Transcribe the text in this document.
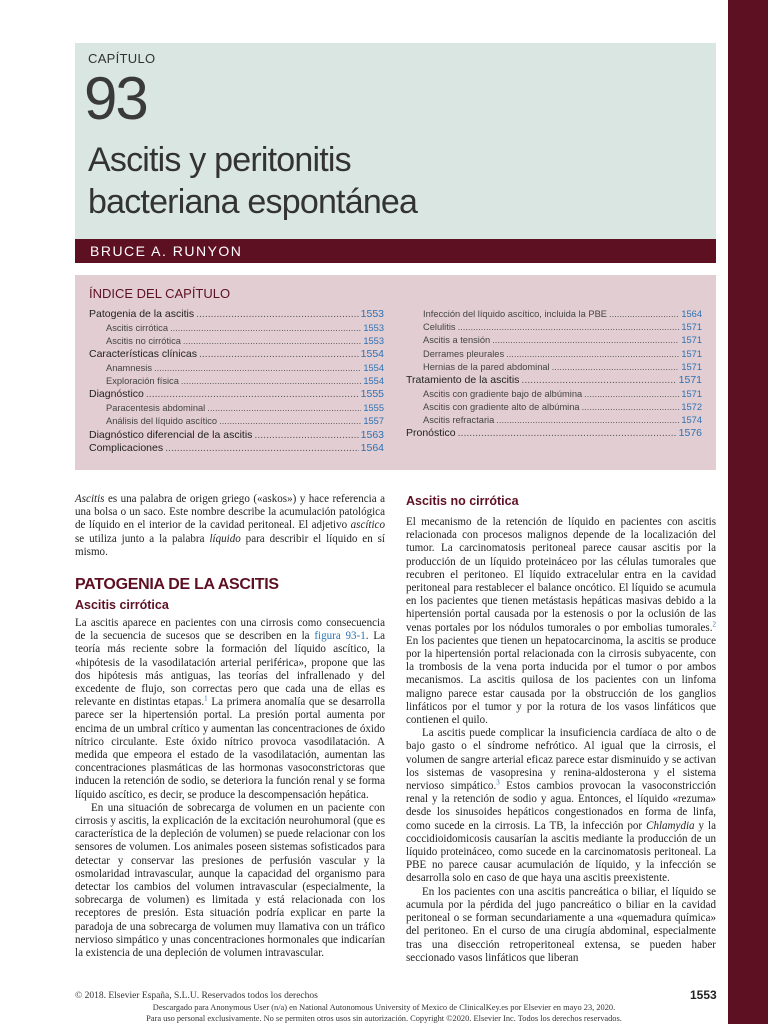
CAPÍTULO
93
Ascitis y peritonitis
bacteriana espontánea
BRUCE A. RUNYON
ÍNDICE DEL CAPÍTULO
Patogenia de la ascitis .....	1553
Ascitis cirrótica .....	1553
Ascitis no cirrótica .....	1553
Características clínicas .....	1554
Anamnesis .....	1554
Exploración física .....	1554
Diagnóstico .....	1555
Paracentesis abdominal .....	1555
Análisis del líquido ascítico .....	1557
Diagnóstico diferencial de la ascitis .....	1563
Complicaciones .....	1564
Infección del líquido ascítico, incluida la PBE .....	1564
Celulitis .....	1571
Ascitis a tensión .....	1571
Derrames pleurales .....	1571
Hernias de la pared abdominal .....	1571
Tratamiento de la ascitis .....	1571
Ascitis con gradiente bajo de albúmina .....	1571
Ascitis con gradiente alto de albúmina .....	1572
Ascitis refractaria .....	1574
Pronóstico .....	1576

Ascitis es una palabra de origen griego («askos») y hace referencia a una bolsa o un saco. Este nombre describe la acumulación patológica de líquido en el interior de la cavidad peritoneal. El adjetivo ascítico se utiliza junto a la palabra líquido para describir el líquido en sí mismo.

PATOGENIA DE LA ASCITIS
Ascitis cirrótica

La ascitis aparece en pacientes con una cirrosis como consecuencia de la secuencia de sucesos que se describen en la figura 93-1. La teoría más reciente sobre la formación del líquido ascítico, la «hipótesis de la vasodilatación arterial periférica», propone que las dos hipótesis más antiguas, las teorías del infrallenado y del excedente de flujo, son correctas pero que cada una de ellas es relevante en distintas etapas.$^1$ La primera anomalía que se desarrolla parece ser la hipertensión portal. La presión portal aumenta por encima de un umbral crítico y aumentan las concentraciones de óxido nítrico circulante. Este óxido nítrico provoca vasodilatación. A medida que empeora el estado de la vasodilatación, aumentan las concentraciones plasmáticas de las hormonas vasoconstrictoras que inducen la retención de sodio, se deteriora la función renal y se forma líquido ascítico, es decir, se produce la descompensación hepática.

En una situación de sobrecarga de volumen en un paciente con cirrosis y ascitis, la explicación de la excitación neurohumoral (que es característica de la depleción de volumen) se puede relacionar con los sensores de volumen. Los animales poseen sistemas sofisticados para detectar y conservar las presiones de perfusión vascular y la osmolaridad intravascular, aunque la capacidad del organismo para detectar los cambios del volumen intravascular (especialmente, la sobrecarga de volumen) es limitada y está relacionada con los receptores de presión. Esta situación podría explicar en parte la paradoja de una sobrecarga de volumen muy llamativa con un tráfico nervioso simpático y unas concentraciones hormonales que indicarían la existencia de una depleción de volumen intravascular.

Ascitis no cirrótica

El mecanismo de la retención de líquido en pacientes con ascitis relacionada con procesos malignos depende de la localización del tumor. La carcinomatosis peritoneal parece causar ascitis por la producción de un líquido proteináceo por las células tumorales que recubren el peritoneo. El líquido extracelular entra en la cavidad peritoneal para restablecer el balance oncótico. El líquido se acumula en los pacientes que tienen metástasis hepáticas masivas debido a la hipertensión portal causada por la estenosis o por la oclusión de las venas portales por los nódulos tumorales o por embolias tumorales.$^2$ En los pacientes que tienen un hepatocarcinoma, la ascitis se produce por la hipertensión portal relacionada con la cirrosis subyacente, con la trombosis de la vena porta inducida por el tumor o por ambos mecanismos. La ascitis quilosa de los pacientes con un linfoma maligno parece estar causada por la obstrucción de los ganglios linfáticos por el tumor y por la rotura de los vasos linfáticos que contienen el quilo.

La ascitis puede complicar la insuficiencia cardíaca de alto o de bajo gasto o el síndrome nefrótico. Al igual que la cirrosis, el volumen de sangre arterial eficaz parece estar disminuido y se activan los sistemas de vasopresina y renina-aldosterona y el sistema nervioso simpático.$^3$ Estos cambios provocan la vasoconstricción renal y la retención de sodio y agua. Entonces, el líquido «rezuma» desde los sinusoides hepáticos congestionados en forma de linfa, como sucede en la cirrosis. La TB, la infección por Chlamydia y la coccidioidomicosis causarían la ascitis mediante la producción de un líquido proteináceo, como sucede en la carcinomatosis peritoneal. La PBE no parece causar acumulación de líquido, y la infección se desarrolla solo en caso de que haya una ascitis preexistente.

En los pacientes con una ascitis pancreática o biliar, el líquido se acumula por la pérdida del jugo pancreático o biliar en la cavidad peritoneal o se forman secundariamente a una «quemadura química» del peritoneo. En el curso de una cirugía abdominal, especialmente tras una disección retroperitoneal extensa, se pueden haber seccionado vasos linfáticos que liberan

© 2018. Elsevier España, S.L.U. Reservados todos los derechos	1553
Descargado para Anonymous User (n/a) en National Autonomous University of Mexico de ClinicalKey.es por Elsevier en mayo 23, 2020.
Para uso personal exclusivamente. No se permiten otros usos sin autorización. Copyright ©2020. Elsevier Inc. Todos los derechos reservados.
